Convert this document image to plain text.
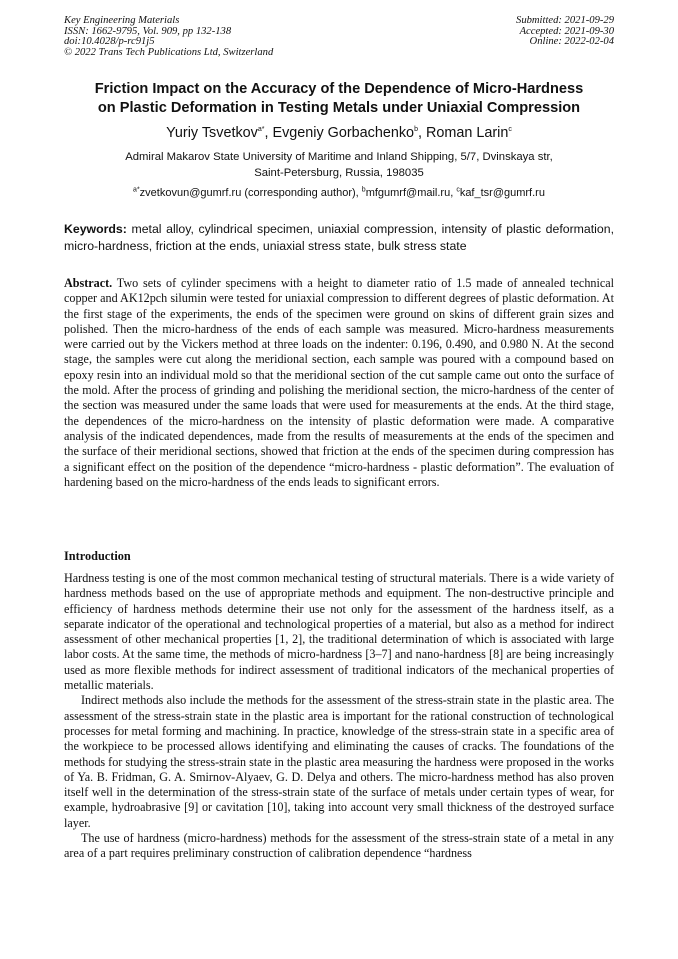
Key Engineering Materials
ISSN: 1662-9795, Vol. 909, pp 132-138
doi:10.4028/p-rc91j5
© 2022 Trans Tech Publications Ltd, Switzerland
Submitted: 2021-09-29
Accepted: 2021-09-30
Online: 2022-02-04
Friction Impact on the Accuracy of the Dependence of Micro-Hardness
on Plastic Deformation in Testing Metals under Uniaxial Compression
Yuriy Tsvetkov$^{a*}$, Evgeniy Gorbachenko$^b$, Roman Larin$^c$
Admiral Makarov State University of Maritime and Inland Shipping, 5/7, Dvinskaya str,
Saint-Petersburg, Russia, 198035
$^{a*}$zvetkovun@gumrf.ru (corresponding author), $^b$mfgumrf@mail.ru, $^c$kaf_tsr@gumrf.ru
Keywords: metal alloy, cylindrical specimen, uniaxial compression, intensity of plastic deformation, micro-hardness, friction at the ends, uniaxial stress state, bulk stress state
Abstract. Two sets of cylinder specimens with a height to diameter ratio of 1.5 made of annealed technical copper and AK12pch silumin were tested for uniaxial compression to different degrees of plastic deformation. At the first stage of the experiments, the ends of the specimen were ground on skins of different grain sizes and polished. Then the micro-hardness of the ends of each sample was measured. Micro-hardness measurements were carried out by the Vickers method at three loads on the indenter: 0.196, 0.490, and 0.980 N. At the second stage, the samples were cut along the meridional section, each sample was poured with a compound based on epoxy resin into an individual mold so that the meridional section of the cut sample came out onto the surface of the mold. After the process of grinding and polishing the meridional section, the micro-hardness of the center of the section was measured under the same loads that were used for measurements at the ends. At the third stage, the dependences of the micro-hardness on the intensity of plastic deformation were made. A comparative analysis of the indicated dependences, made from the results of measurements at the ends of the specimen and the surface of their meridional sections, showed that friction at the ends of the specimen during compression has a significant effect on the position of the dependence “micro-hardness - plastic deformation”. The evaluation of hardening based on the micro-hardness of the ends leads to significant errors.
Introduction

Hardness testing is one of the most common mechanical testing of structural materials. There is a wide variety of hardness methods based on the use of appropriate methods and equipment. The non-destructive principle and efficiency of hardness methods determine their use not only for the assessment of the hardness itself, as a separate indicator of the operational and technological properties of a material, but also as a method for indirect assessment of other mechanical properties [1, 2], the traditional determination of which is associated with large labor costs. At the same time, the methods of micro-hardness [3–7] and nano-hardness [8] are being increasingly used as more flexible methods for indirect assessment of traditional indicators of the mechanical properties of metallic materials.

Indirect methods also include the methods for the assessment of the stress-strain state in the plastic area. The assessment of the stress-strain state in the plastic area is important for the rational construction of technological processes for metal forming and machining. In practice, knowledge of the stress-strain state in a specific area of the workpiece to be processed allows identifying and eliminating the causes of cracks. The foundations of the methods for studying the stress-strain state in the plastic area measuring the hardness were proposed in the works of Ya. B. Fridman, G. A. Smirnov-Alyaev, G. D. Delya and others. The micro-hardness method has also proven itself well in the determination of the stress-strain state of the surface of metals under certain types of wear, for example, hydroabrasive [9] or cavitation [10], taking into account very small thickness of the destroyed surface layer.

The use of hardness (micro-hardness) methods for the assessment of the stress-strain state of a metal in any area of a part requires preliminary construction of calibration dependence “hardness
